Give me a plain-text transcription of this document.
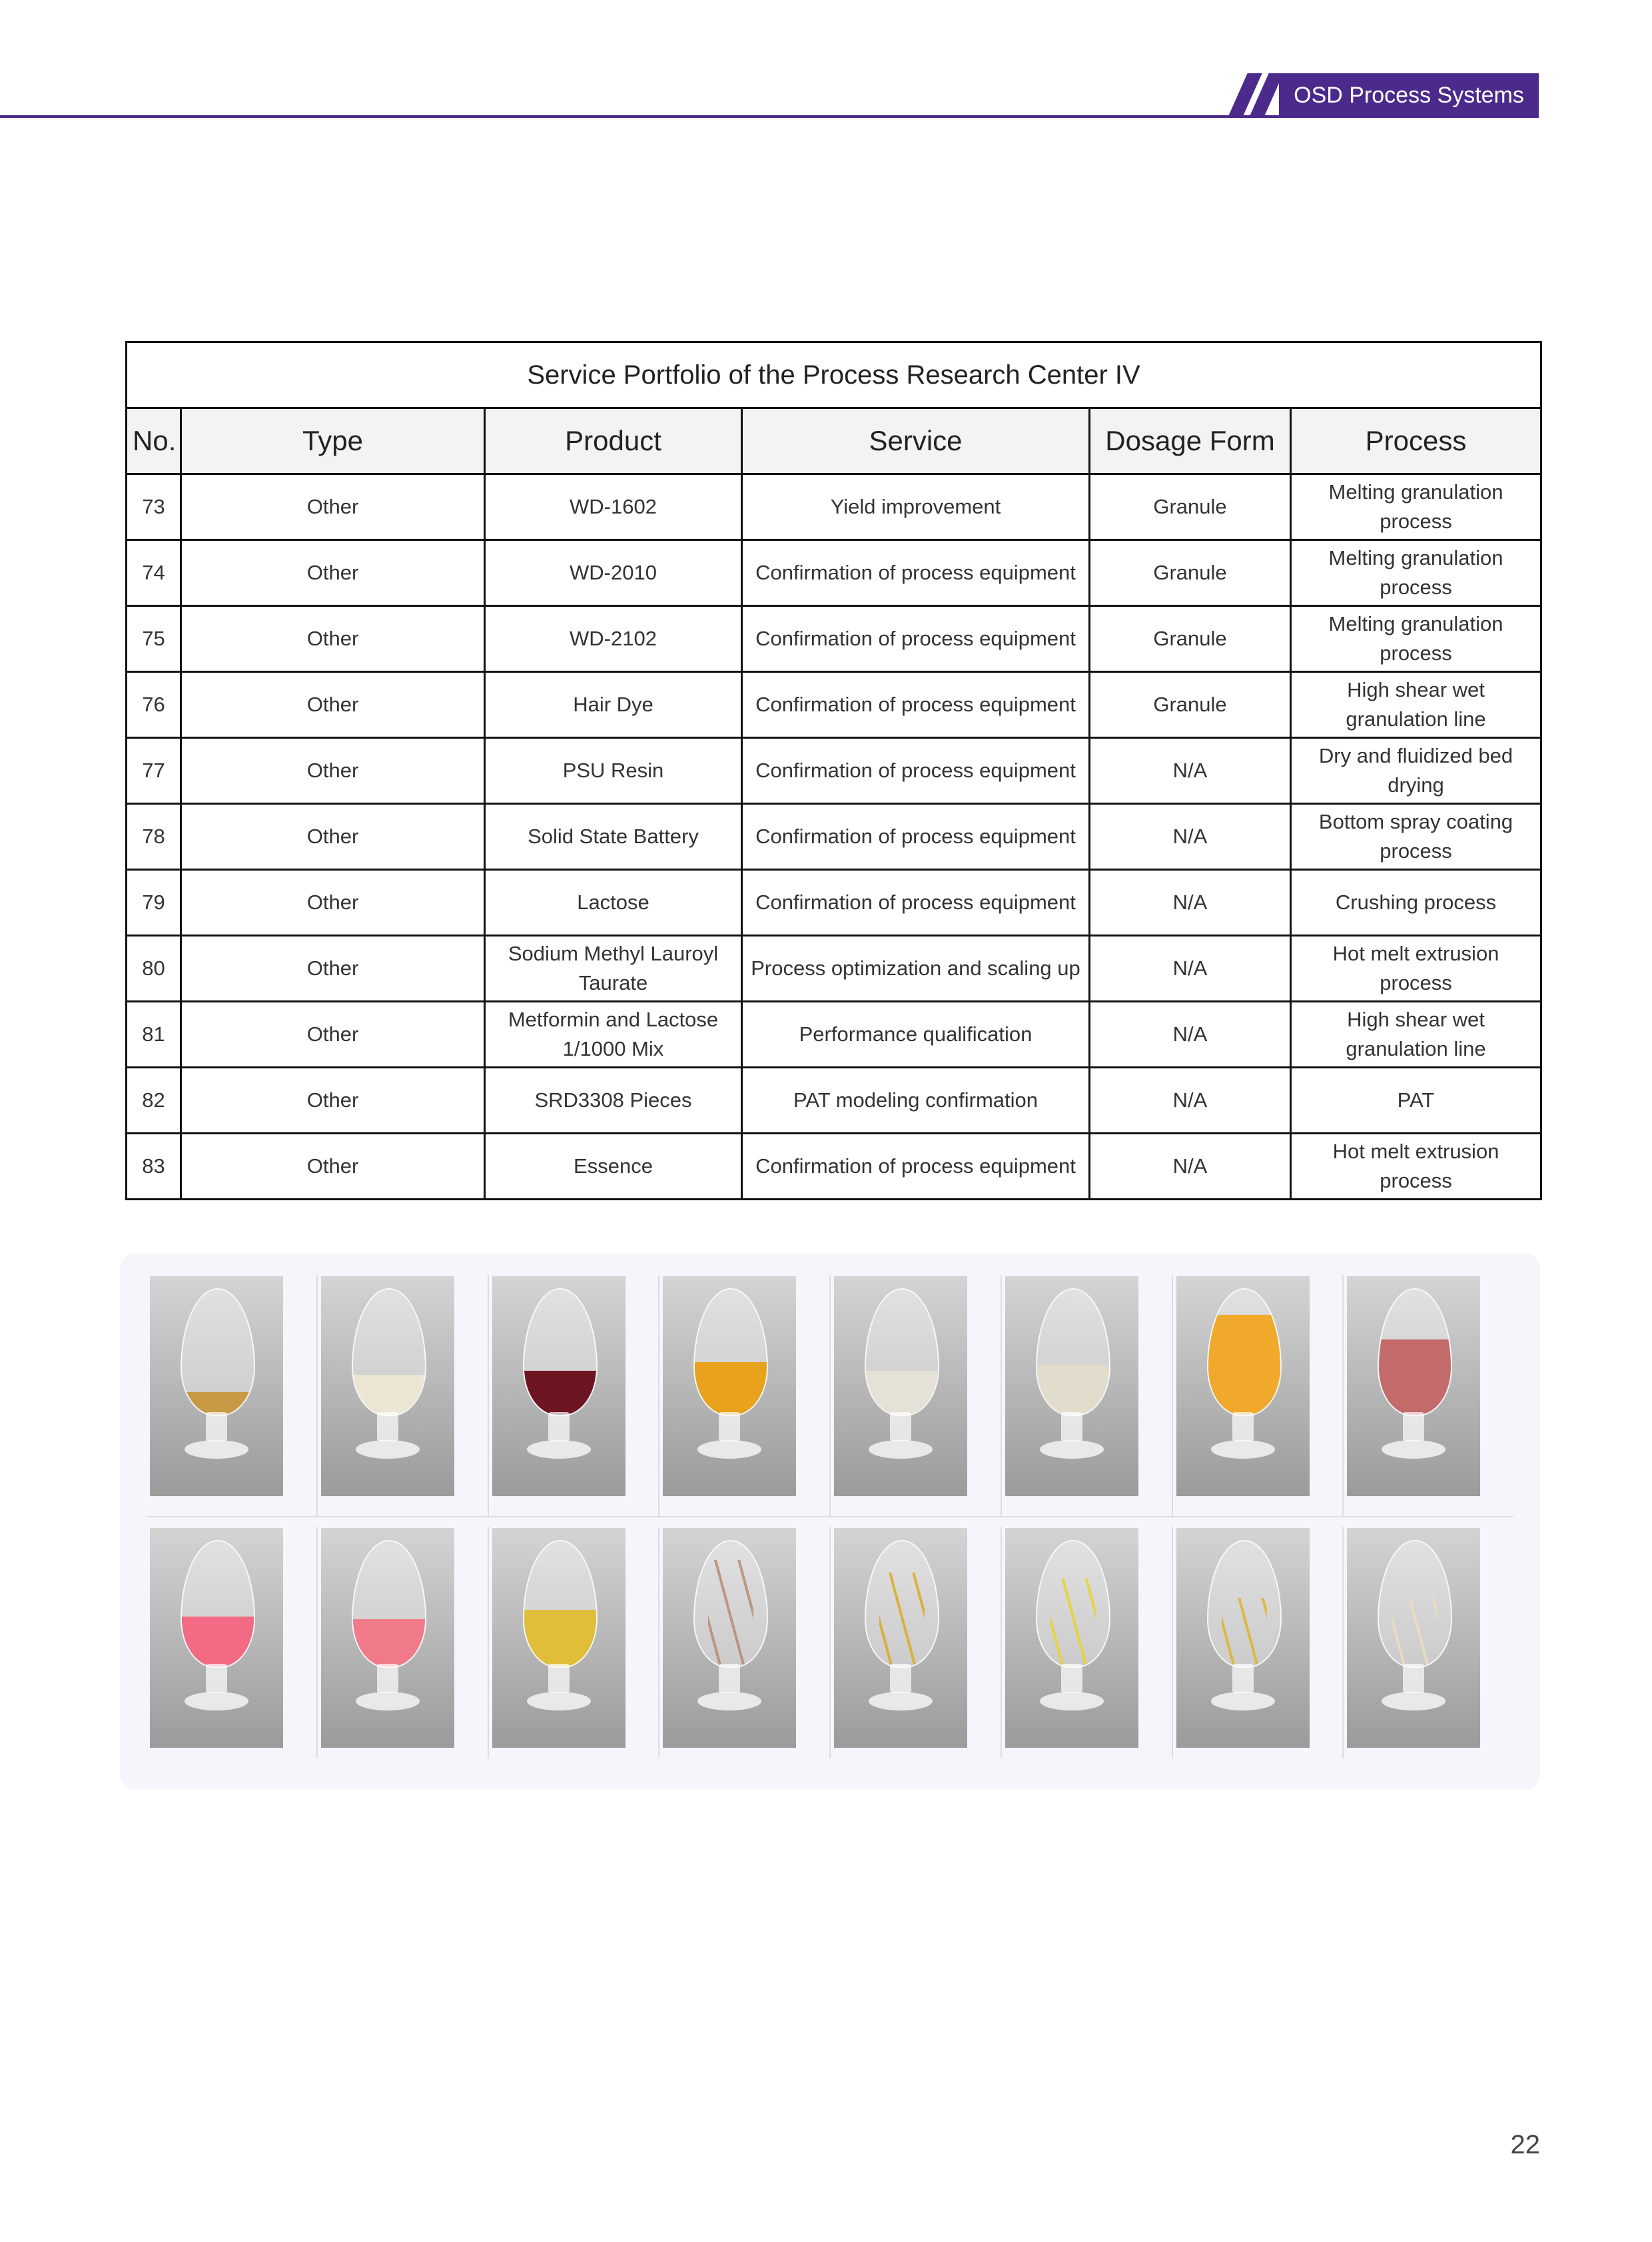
OSD Process Systems
Service Portfolio of the Process Research Center IV					
No.	Type	Product	Service	Dosage Form	Process
73	Other	WD-1602	Yield improvement	Granule	Melting granulation process
74	Other	WD-2010	Confirmation of process equipment	Granule	Melting granulation process
75	Other	WD-2102	Confirmation of process equipment	Granule	Melting granulation process
76	Other	Hair Dye	Confirmation of process equipment	Granule	High shear wet granulation line
77	Other	PSU Resin	Confirmation of process equipment	N/A	Dry and fluidized bed drying
78	Other	Solid State Battery	Confirmation of process equipment	N/A	Bottom spray coating process
79	Other	Lactose	Confirmation of process equipment	N/A	Crushing process
80	Other	Sodium Methyl Lauroyl Taurate	Process optimization and scaling up	N/A	Hot melt extrusion process
81	Other	Metformin and Lactose 1/1000 Mix	Performance qualification	N/A	High shear wet granulation line
82	Other	SRD3308 Pieces	PAT modeling confirmation	N/A	PAT
83	Other	Essence	Confirmation of process equipment	N/A	Hot melt extrusion process
22
